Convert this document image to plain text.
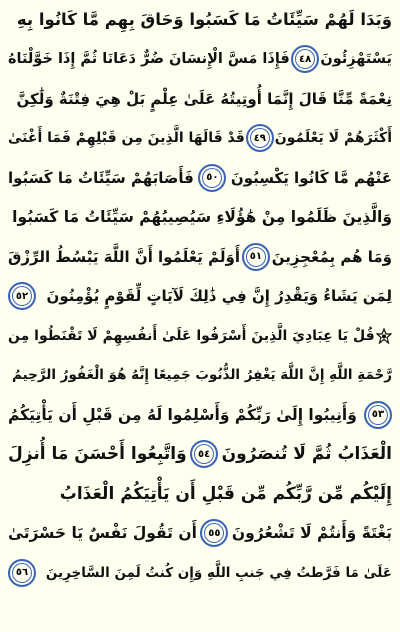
وَبَدَا لَهُمْ سَيِّئَاتُ مَا كَسَبُوا وَحَاقَ بِهِم مَّا كَانُوا بِهِ
يَسْتَهْزِئُونَ
٤٨
فَإِذَا مَسَّ الْإِنسَانَ ضُرٌّ دَعَانَا ثُمَّ إِذَا خَوَّلْنَاهُ
نِعْمَةً مِّنَّا قَالَ إِنَّمَا أُوتِيتُهُ عَلَىٰ عِلْمٍ بَلْ هِيَ فِتْنَةٌ وَلَٰكِنَّ
أَكْثَرَهُمْ لَا يَعْلَمُونَ
٤٩
قَدْ قَالَهَا الَّذِينَ مِن قَبْلِهِمْ فَمَا أَغْنَىٰ
عَنْهُم مَّا كَانُوا يَكْسِبُونَ
٥٠
فَأَصَابَهُمْ سَيِّئَاتُ مَا كَسَبُوا
وَالَّذِينَ ظَلَمُوا مِنْ هَٰؤُلَاءِ سَيُصِيبُهُمْ سَيِّئَاتُ مَا كَسَبُوا
وَمَا هُم بِمُعْجِزِينَ
٥١
أَوَلَمْ يَعْلَمُوا أَنَّ اللَّهَ يَبْسُطُ الرِّزْقَ
لِمَن يَشَاءُ وَيَقْدِرُ إِنَّ فِي ذَٰلِكَ لَآيَاتٍ لِّقَوْمٍ يُؤْمِنُونَ
٥٢
قُلْ يَا عِبَادِيَ الَّذِينَ أَسْرَفُوا عَلَىٰ أَنفُسِهِمْ لَا تَقْنَطُوا مِن
رَّحْمَةِ اللَّهِ إِنَّ اللَّهَ يَغْفِرُ الذُّنُوبَ جَمِيعًا إِنَّهُ هُوَ الْغَفُورُ الرَّحِيمُ
٥٣
وَأَنِيبُوا إِلَىٰ رَبِّكُمْ وَأَسْلِمُوا لَهُ مِن قَبْلِ أَن يَأْتِيَكُمُ
الْعَذَابُ ثُمَّ لَا تُنصَرُونَ
٥٤
وَاتَّبِعُوا أَحْسَنَ مَا أُنزِلَ
إِلَيْكُم مِّن رَّبِّكُم مِّن قَبْلِ أَن يَأْتِيَكُمُ الْعَذَابُ
بَغْتَةً وَأَنتُمْ لَا تَشْعُرُونَ
٥٥
أَن تَقُولَ نَفْسٌ يَا حَسْرَتَىٰ
عَلَىٰ مَا فَرَّطتُ فِي جَنبِ اللَّهِ وَإِن كُنتُ لَمِنَ السَّاخِرِينَ
٥٦
